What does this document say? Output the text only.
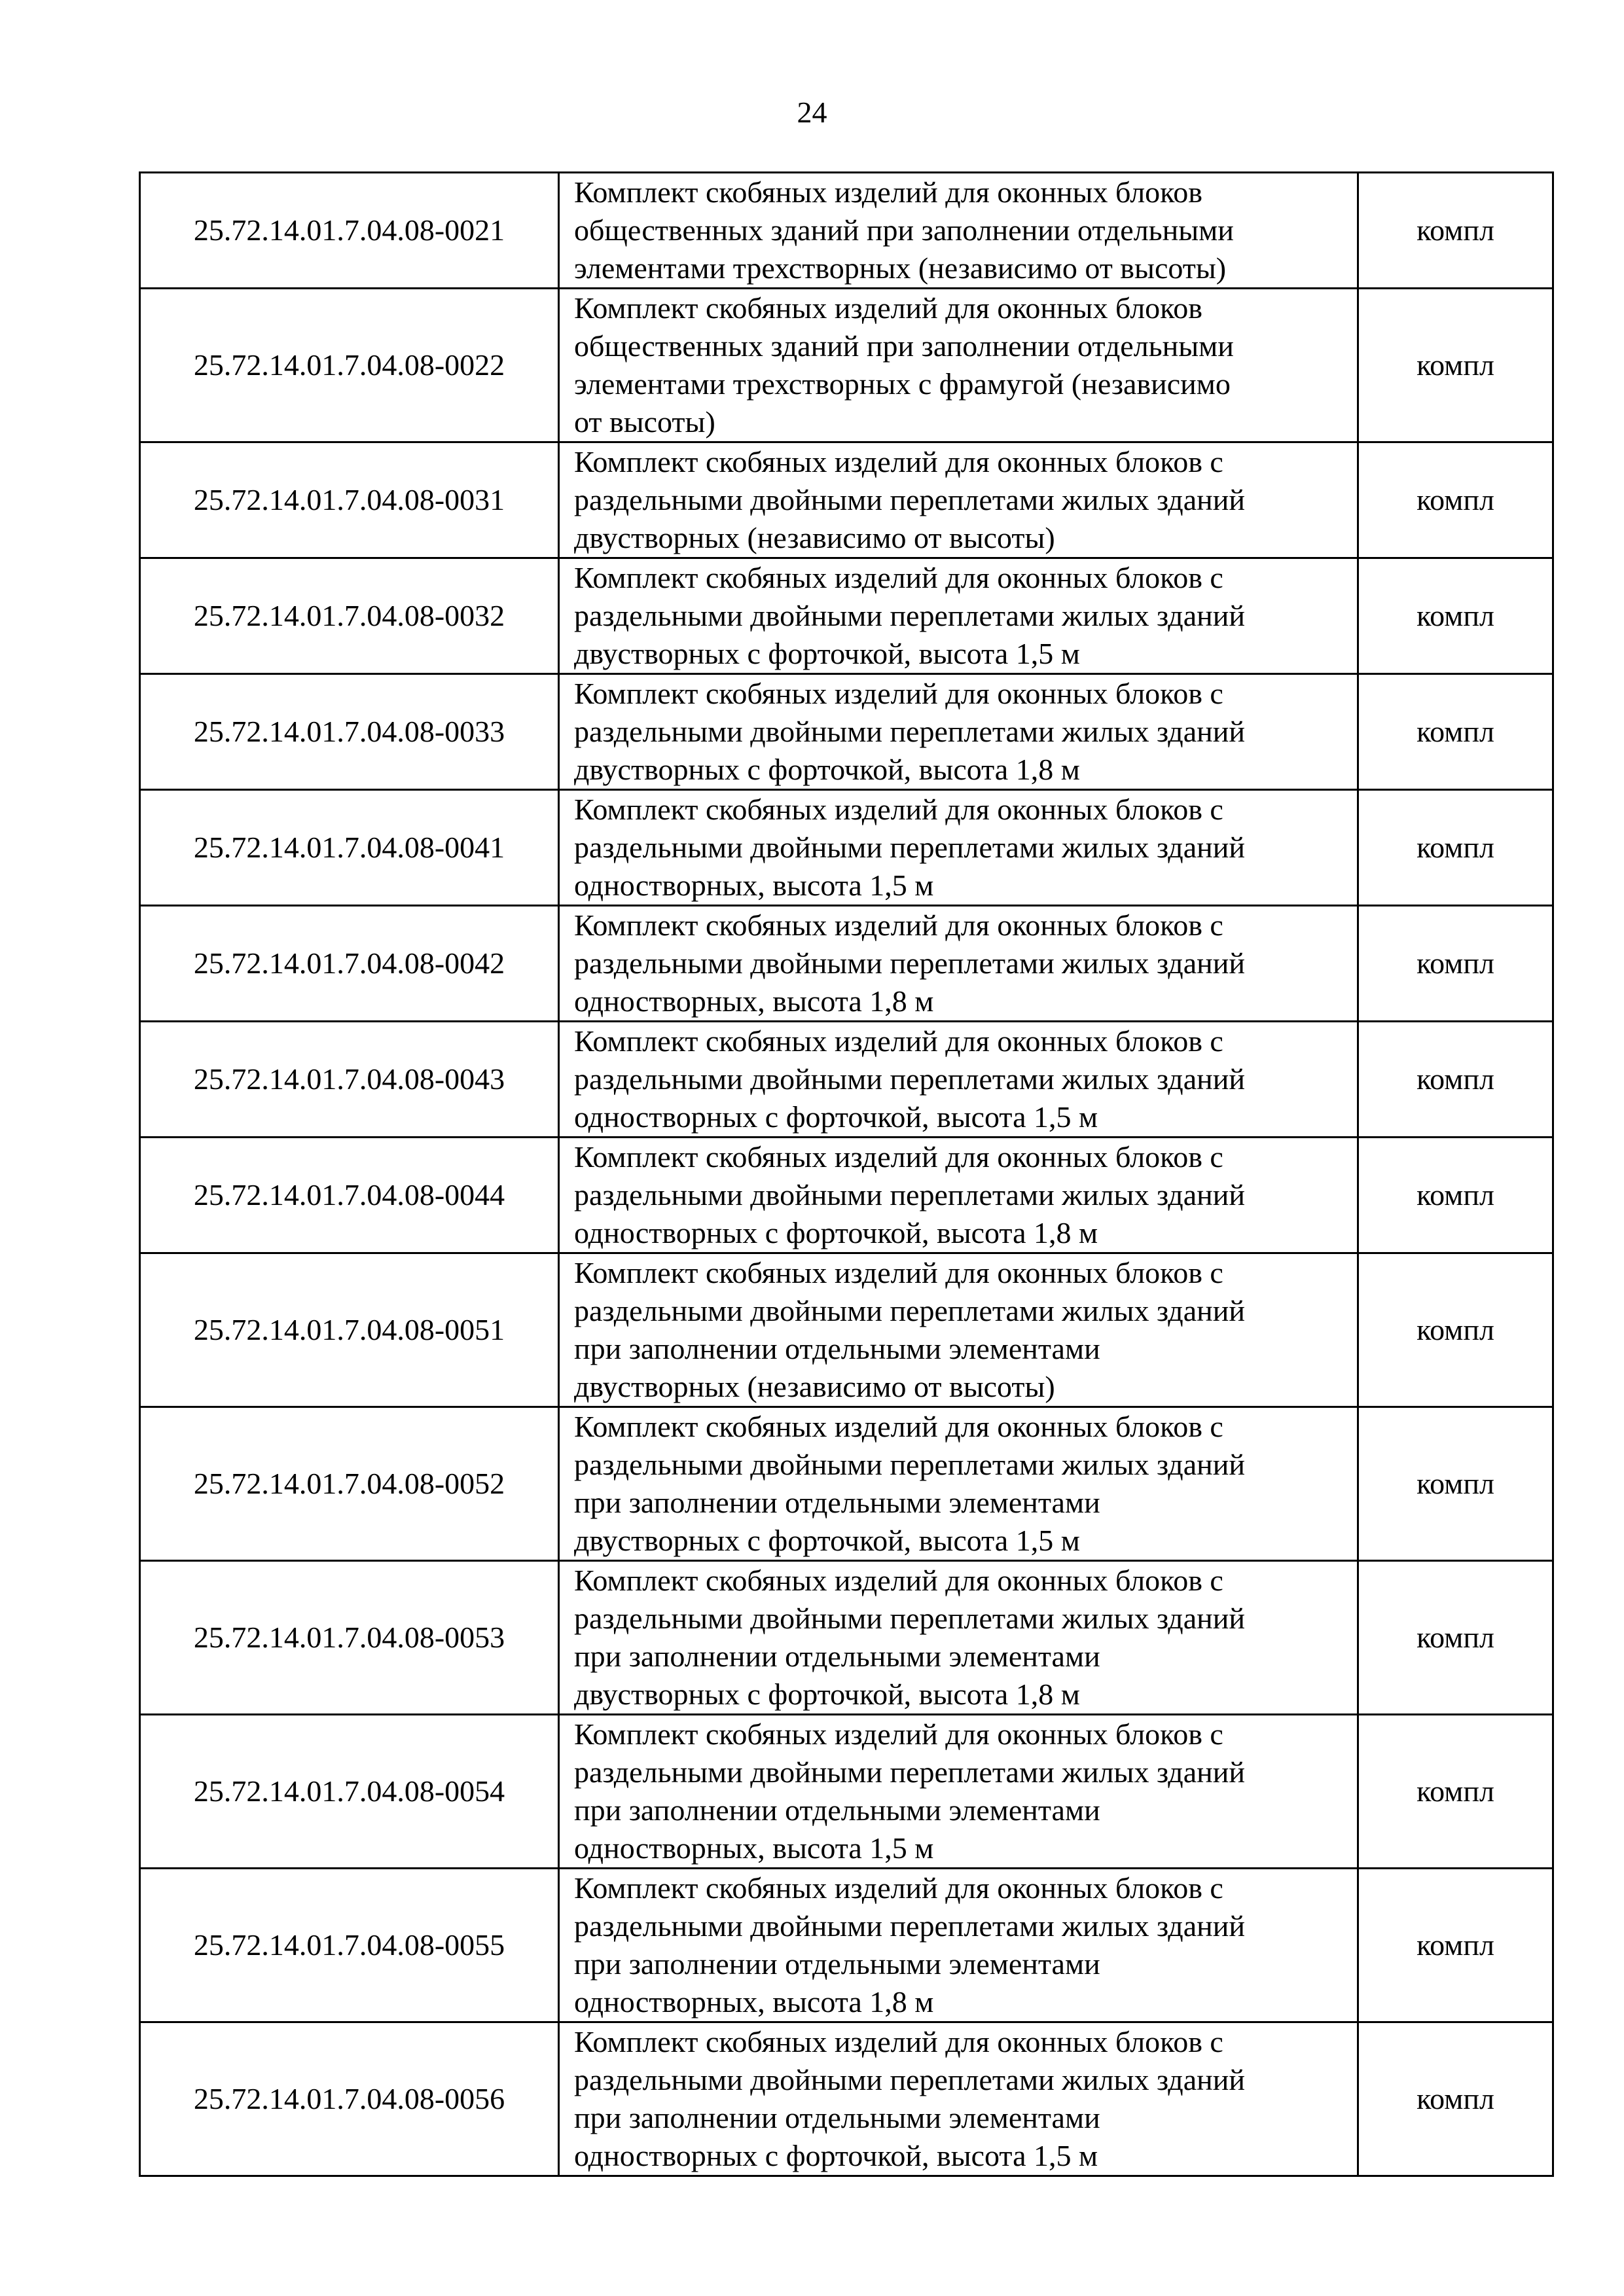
24
25.72.14.01.7.04.08-0021	Комплект скобяных изделий для оконных блоков
общественных зданий при заполнении отдельными
элементами трехстворных (независимо от высоты)	компл
25.72.14.01.7.04.08-0022	Комплект скобяных изделий для оконных блоков
общественных зданий при заполнении отдельными
элементами трехстворных с фрамугой (независимо
от высоты)	компл
25.72.14.01.7.04.08-0031	Комплект скобяных изделий для оконных блоков с
раздельными двойными переплетами жилых зданий
двустворных (независимо от высоты)	компл
25.72.14.01.7.04.08-0032	Комплект скобяных изделий для оконных блоков с
раздельными двойными переплетами жилых зданий
двустворных с форточкой, высота 1,5 м	компл
25.72.14.01.7.04.08-0033	Комплект скобяных изделий для оконных блоков с
раздельными двойными переплетами жилых зданий
двустворных с форточкой, высота 1,8 м	компл
25.72.14.01.7.04.08-0041	Комплект скобяных изделий для оконных блоков с
раздельными двойными переплетами жилых зданий
одностворных, высота 1,5 м	компл
25.72.14.01.7.04.08-0042	Комплект скобяных изделий для оконных блоков с
раздельными двойными переплетами жилых зданий
одностворных, высота 1,8 м	компл
25.72.14.01.7.04.08-0043	Комплект скобяных изделий для оконных блоков с
раздельными двойными переплетами жилых зданий
одностворных с форточкой, высота 1,5 м	компл
25.72.14.01.7.04.08-0044	Комплект скобяных изделий для оконных блоков с
раздельными двойными переплетами жилых зданий
одностворных с форточкой, высота 1,8 м	компл
25.72.14.01.7.04.08-0051	Комплект скобяных изделий для оконных блоков с
раздельными двойными переплетами жилых зданий
при заполнении отдельными элементами
двустворных (независимо от высоты)	компл
25.72.14.01.7.04.08-0052	Комплект скобяных изделий для оконных блоков с
раздельными двойными переплетами жилых зданий
при заполнении отдельными элементами
двустворных с форточкой, высота 1,5 м	компл
25.72.14.01.7.04.08-0053	Комплект скобяных изделий для оконных блоков с
раздельными двойными переплетами жилых зданий
при заполнении отдельными элементами
двустворных с форточкой, высота 1,8 м	компл
25.72.14.01.7.04.08-0054	Комплект скобяных изделий для оконных блоков с
раздельными двойными переплетами жилых зданий
при заполнении отдельными элементами
одностворных, высота 1,5 м	компл
25.72.14.01.7.04.08-0055	Комплект скобяных изделий для оконных блоков с
раздельными двойными переплетами жилых зданий
при заполнении отдельными элементами
одностворных, высота 1,8 м	компл
25.72.14.01.7.04.08-0056	Комплект скобяных изделий для оконных блоков с
раздельными двойными переплетами жилых зданий
при заполнении отдельными элементами
одностворных с форточкой, высота 1,5 м	компл
